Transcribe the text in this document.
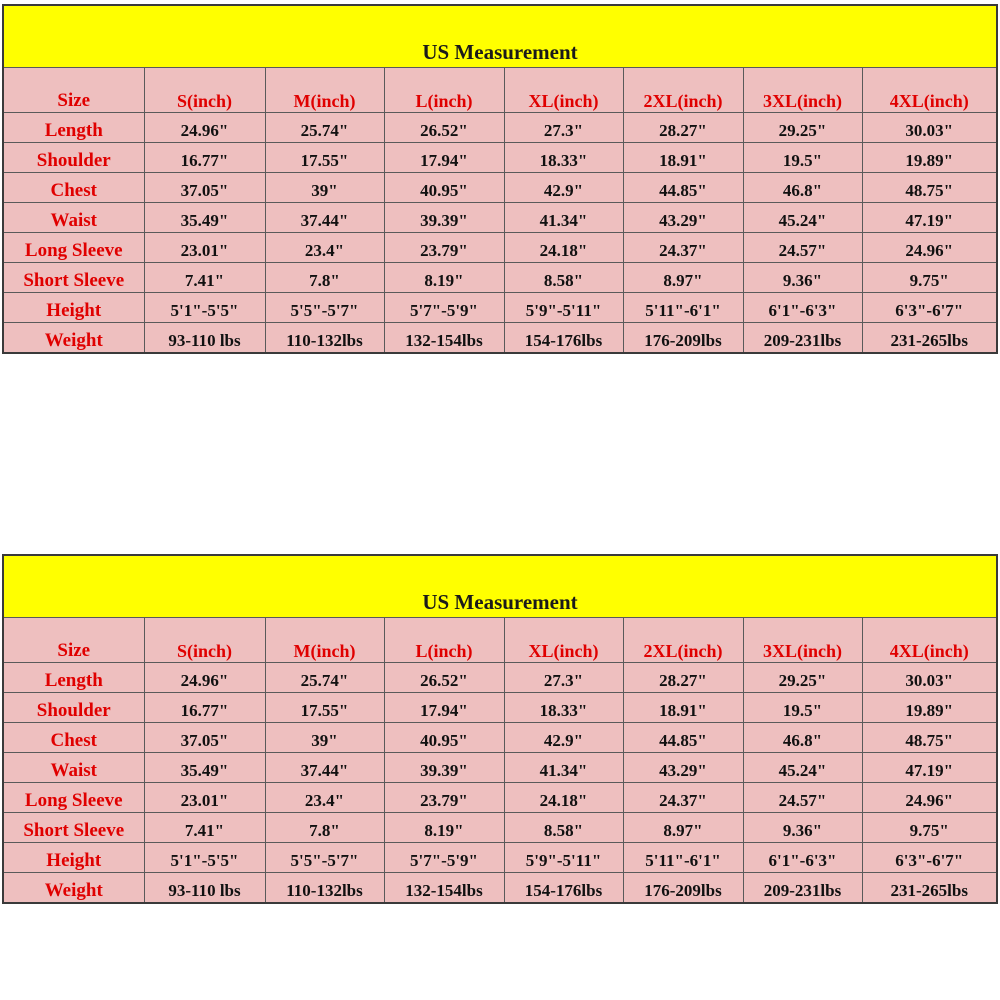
US Measurement
Size	S(inch)	M(inch)	L(inch)	XL(inch)	2XL(inch)	3XL(inch)	4XL(inch)
Length	24.96"	25.74"	26.52"	27.3"	28.27"	29.25"	30.03"
Shoulder	16.77"	17.55"	17.94"	18.33"	18.91"	19.5"	19.89"
Chest	37.05"	39"	40.95"	42.9"	44.85"	46.8"	48.75"
Waist	35.49"	37.44"	39.39"	41.34"	43.29"	45.24"	47.19"
Long Sleeve	23.01"	23.4"	23.79"	24.18"	24.37"	24.57"	24.96"
Short Sleeve	7.41"	7.8"	8.19"	8.58"	8.97"	9.36"	9.75"
Height	5'1"-5'5"	5'5"-5'7"	5'7"-5'9"	5'9"-5'11"	5'11"-6'1"	6'1"-6'3"	6'3"-6'7"
Weight	93-110 lbs	110-132lbs	132-154lbs	154-176lbs	176-209lbs	209-231lbs	231-265lbs
US Measurement
Size	S(inch)	M(inch)	L(inch)	XL(inch)	2XL(inch)	3XL(inch)	4XL(inch)
Length	24.96"	25.74"	26.52"	27.3"	28.27"	29.25"	30.03"
Shoulder	16.77"	17.55"	17.94"	18.33"	18.91"	19.5"	19.89"
Chest	37.05"	39"	40.95"	42.9"	44.85"	46.8"	48.75"
Waist	35.49"	37.44"	39.39"	41.34"	43.29"	45.24"	47.19"
Long Sleeve	23.01"	23.4"	23.79"	24.18"	24.37"	24.57"	24.96"
Short Sleeve	7.41"	7.8"	8.19"	8.58"	8.97"	9.36"	9.75"
Height	5'1"-5'5"	5'5"-5'7"	5'7"-5'9"	5'9"-5'11"	5'11"-6'1"	6'1"-6'3"	6'3"-6'7"
Weight	93-110 lbs	110-132lbs	132-154lbs	154-176lbs	176-209lbs	209-231lbs	231-265lbs
